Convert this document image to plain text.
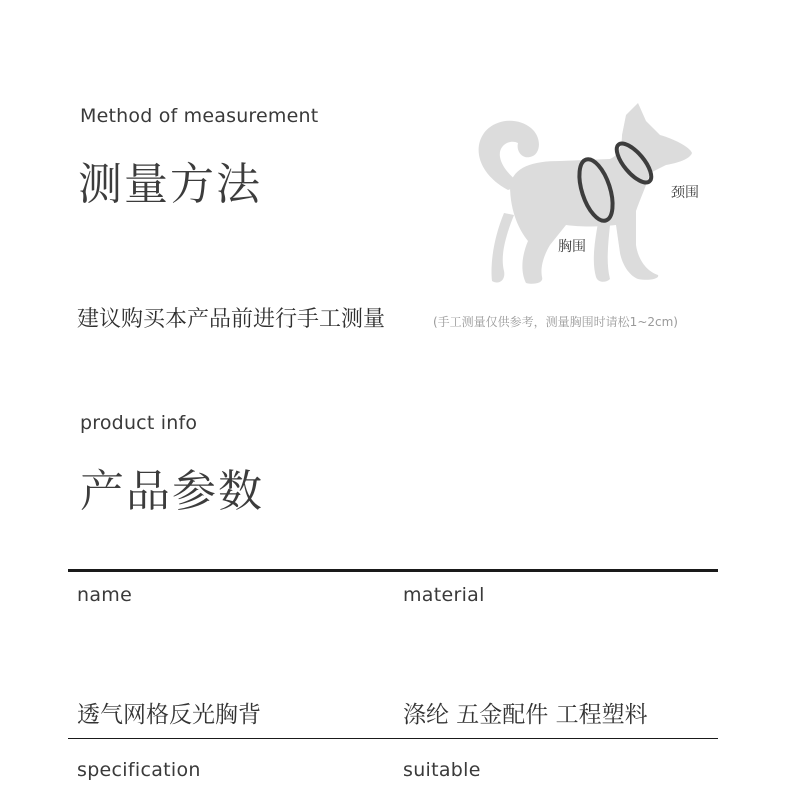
Method of measurement
测量方法	颈围
胸围
建议购买本产品前进行手工测量	(手工测量仅供参考，测量胸围时请松1~2cm)
product info
产品参数
name	material
透气网格反光胸背	涤纶 五金配件 工程塑料
specification	suitable
